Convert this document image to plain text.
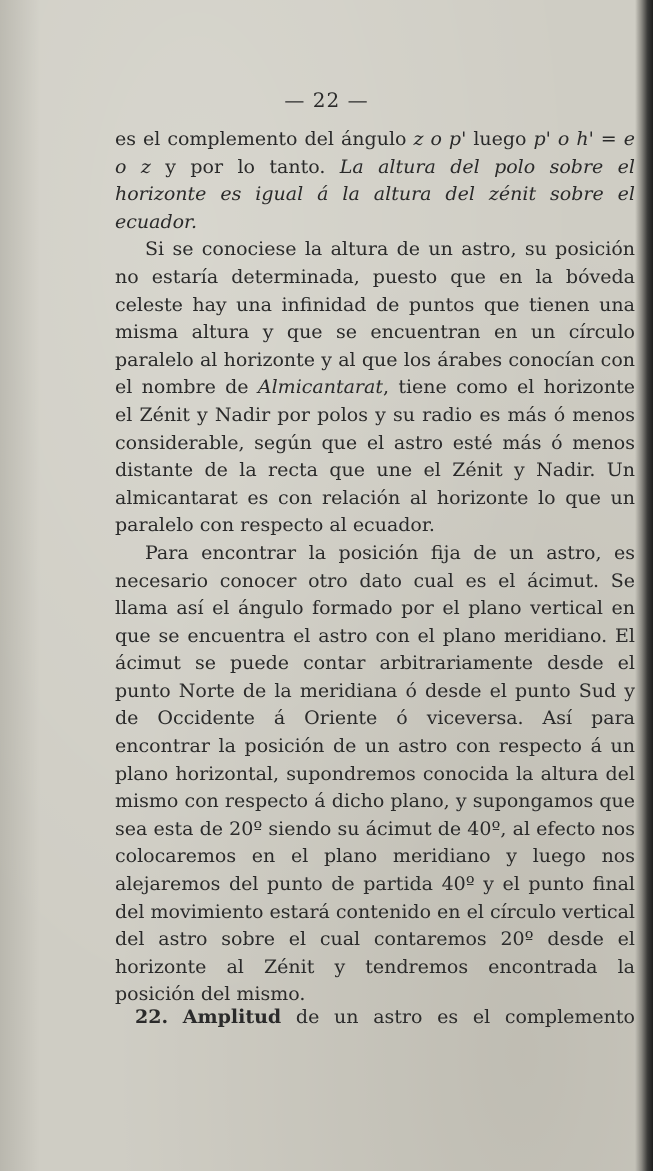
— 22 —

es el complemento del ángulo z o p' luego p' o h' = e o z y por lo tanto. La altura del polo sobre el horizonte es igual á la altura del zénit sobre el ecuador.

Si se conociese la altura de un astro, su posición no estaría determinada, puesto que en la bóveda celeste hay una infinidad de puntos que tienen una misma altura y que se encuentran en un círculo paralelo al horizonte y al que los árabes conocían con el nombre de Almicantarat, tiene como el horizonte el Zénit y Nadir por polos y su radio es más ó menos considerable, según que el astro esté más ó menos distante de la recta que une el Zénit y Nadir. Un almicantarat es con relación al horizonte lo que un paralelo con respecto al ecuador.

Para encontrar la posición fija de un astro, es necesario conocer otro dato cual es el ácimut. Se llama así el ángulo formado por el plano vertical en que se encuentra el astro con el plano meridiano. El ácimut se puede contar arbitrariamente desde el punto Norte de la meridiana ó desde el punto Sud y de Occidente á Oriente ó viceversa. Así para encontrar la posición de un astro con respecto á un plano horizontal, supondremos conocida la altura del mismo con respecto á dicho plano, y supongamos que sea esta de 20º siendo su ácimut de 40º, al efecto nos colocaremos en el plano meridiano y luego nos alejaremos del punto de partida 40º y el punto final del movimiento estará contenido en el círculo vertical del astro sobre el cual contaremos 20º desde el horizonte al Zénit y tendremos encontrada la posición del mismo.

22. Amplitud de un astro es el complemento
